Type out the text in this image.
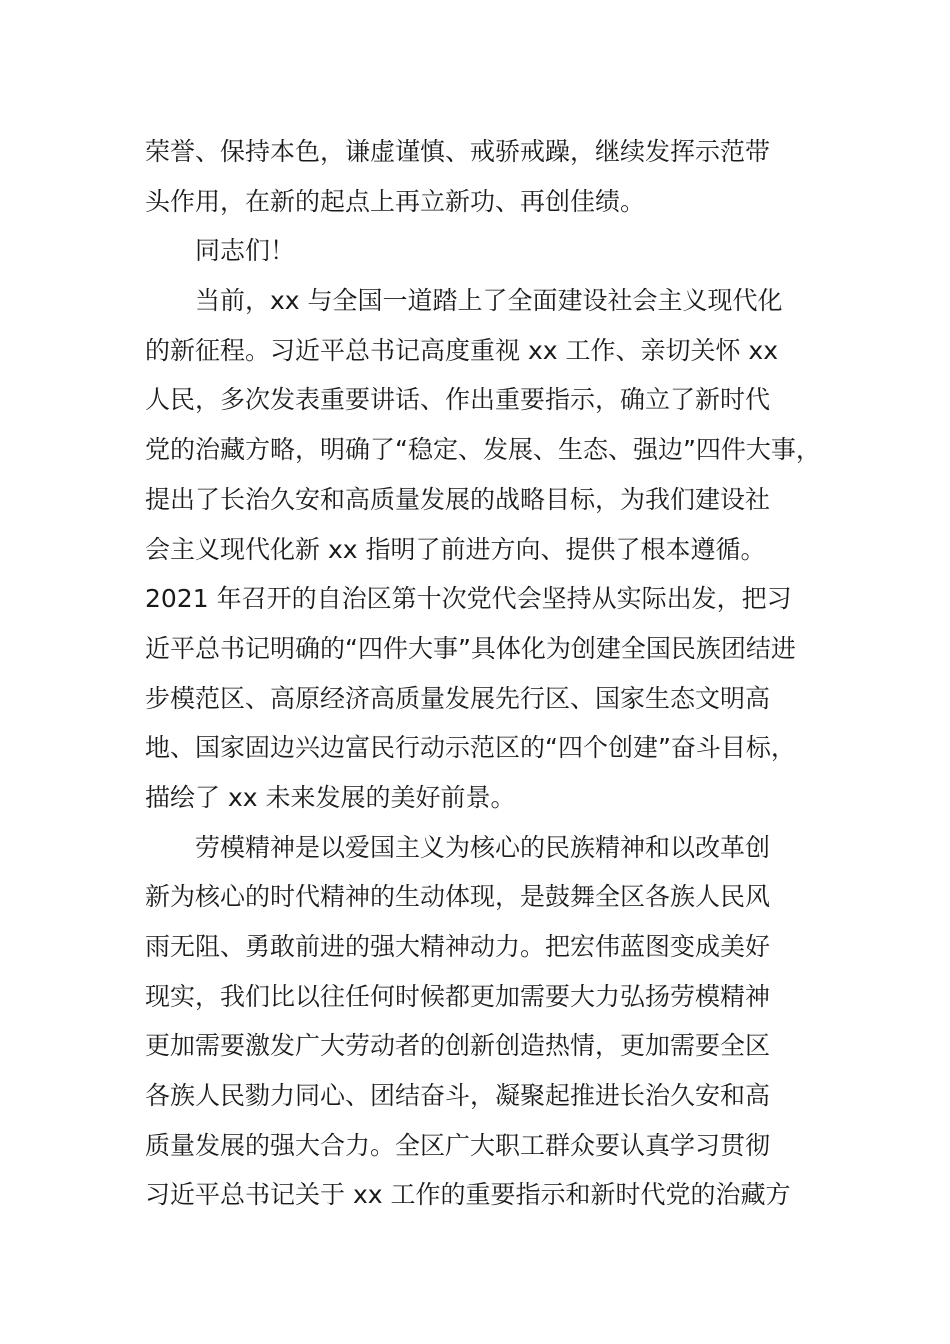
荣誉、保持本色，谦虚谨慎、戒骄戒躁，继续发挥示范带
头作用，在新的起点上再立新功、再创佳绩。
同志们！
当前，xx 与全国一道踏上了全面建设社会主义现代化
的新征程。习近平总书记高度重视 xx 工作、亲切关怀 xx
人民，多次发表重要讲话、作出重要指示，确立了新时代
党的治藏方略，明确了“稳定、发展、生态、强边”四件大事，
提出了长治久安和高质量发展的战略目标，为我们建设社
会主义现代化新 xx 指明了前进方向、提供了根本遵循。
2021 年召开的自治区第十次党代会坚持从实际出发，把习
近平总书记明确的“四件大事”具体化为创建全国民族团结进
步模范区、高原经济高质量发展先行区、国家生态文明高
地、国家固边兴边富民行动示范区的“四个创建”奋斗目标，
描绘了 xx 未来发展的美好前景。
劳模精神是以爱国主义为核心的民族精神和以改革创
新为核心的时代精神的生动体现，是鼓舞全区各族人民风
雨无阻、勇敢前进的强大精神动力。把宏伟蓝图变成美好
现实，我们比以往任何时候都更加需要大力弘扬劳模精神
更加需要激发广大劳动者的创新创造热情，更加需要全区
各族人民勠力同心、团结奋斗，凝聚起推进长治久安和高
质量发展的强大合力。全区广大职工群众要认真学习贯彻
习近平总书记关于 xx 工作的重要指示和新时代党的治藏方
